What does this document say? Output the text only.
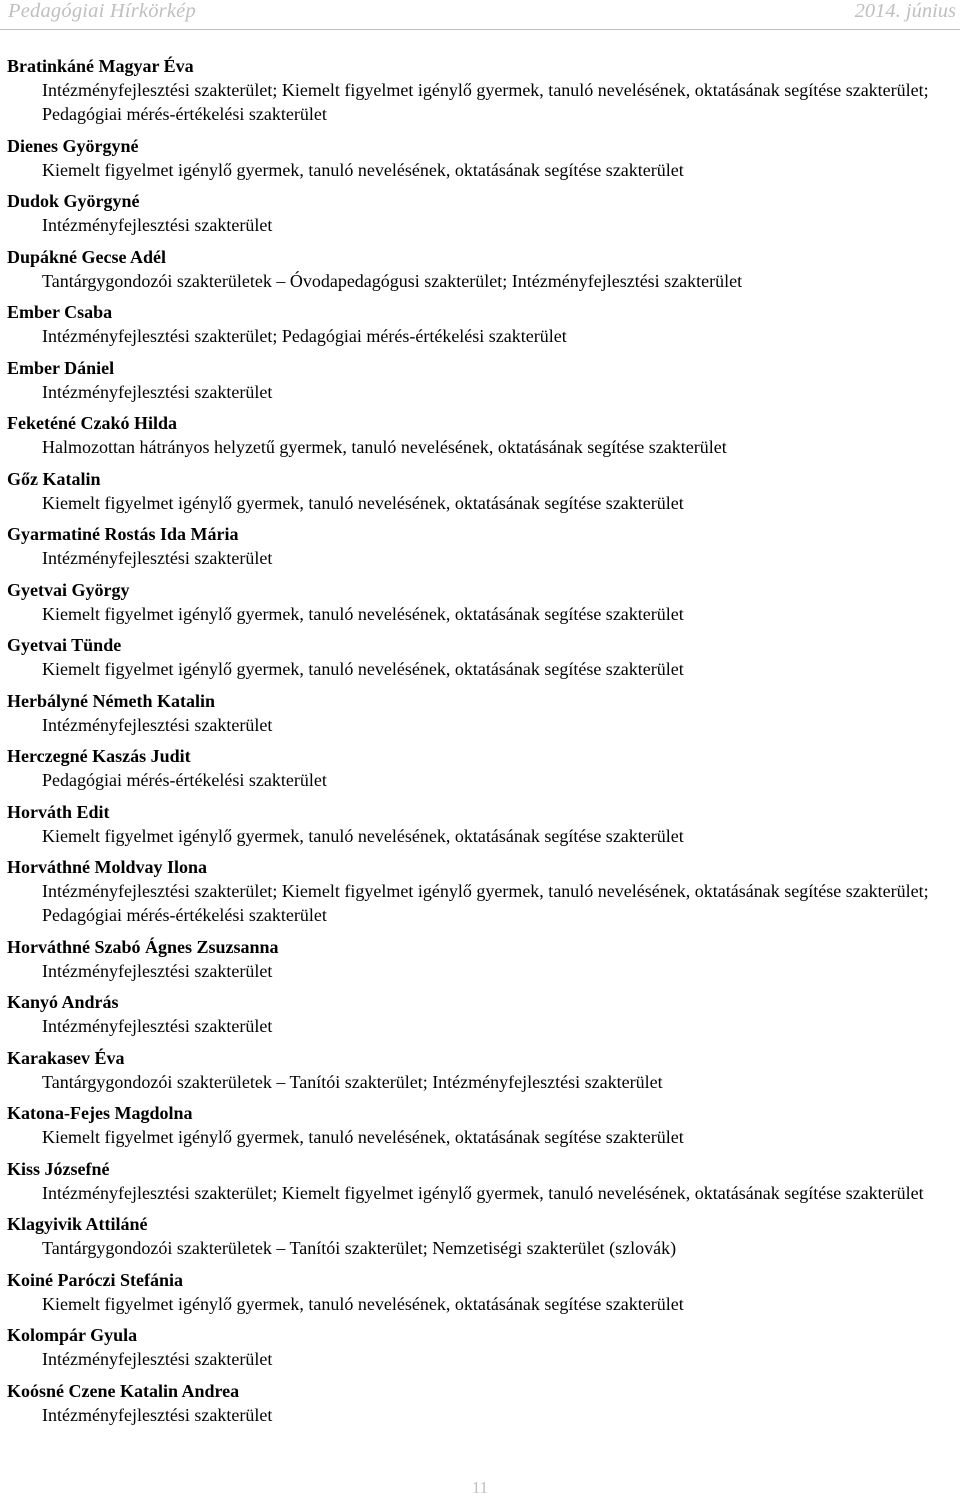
Pedagógiai Hírkörkép	2014. június
Bratinkáné Magyar Éva
Intézményfejlesztési szakterület; Kiemelt figyelmet igénylő gyermek, tanuló nevelésének, oktatásának segítése szakterület; Pedagógiai mérés-értékelési szakterület
Dienes Györgyné
Kiemelt figyelmet igénylő gyermek, tanuló nevelésének, oktatásának segítése szakterület
Dudok Györgyné
Intézményfejlesztési szakterület
Dupákné Gecse Adél
Tantárgygondozói szakterületek – Óvodapedagógusi szakterület; Intézményfejlesztési szakterület
Ember Csaba
Intézményfejlesztési szakterület; Pedagógiai mérés-értékelési szakterület
Ember Dániel
Intézményfejlesztési szakterület
Feketéné Czakó Hilda
Halmozottan hátrányos helyzetű gyermek, tanuló nevelésének, oktatásának segítése szakterület
Gőz Katalin
Kiemelt figyelmet igénylő gyermek, tanuló nevelésének, oktatásának segítése szakterület
Gyarmatiné Rostás Ida Mária
Intézményfejlesztési szakterület
Gyetvai György
Kiemelt figyelmet igénylő gyermek, tanuló nevelésének, oktatásának segítése szakterület
Gyetvai Tünde
Kiemelt figyelmet igénylő gyermek, tanuló nevelésének, oktatásának segítése szakterület
Herbályné Németh Katalin
Intézményfejlesztési szakterület
Herczegné Kaszás Judit
Pedagógiai mérés-értékelési szakterület
Horváth Edit
Kiemelt figyelmet igénylő gyermek, tanuló nevelésének, oktatásának segítése szakterület
Horváthné Moldvay Ilona
Intézményfejlesztési szakterület; Kiemelt figyelmet igénylő gyermek, tanuló nevelésének, oktatásának segítése szakterület; Pedagógiai mérés-értékelési szakterület
Horváthné Szabó Ágnes Zsuzsanna
Intézményfejlesztési szakterület
Kanyó András
Intézményfejlesztési szakterület
Karakasev Éva
Tantárgygondozói szakterületek – Tanítói szakterület; Intézményfejlesztési szakterület
Katona-Fejes Magdolna
Kiemelt figyelmet igénylő gyermek, tanuló nevelésének, oktatásának segítése szakterület
Kiss Józsefné
Intézményfejlesztési szakterület; Kiemelt figyelmet igénylő gyermek, tanuló nevelésének, oktatásának segítése szakterület
Klagyivik Attiláné
Tantárgygondozói szakterületek – Tanítói szakterület; Nemzetiségi szakterület (szlovák)
Koiné Paróczi Stefánia
Kiemelt figyelmet igénylő gyermek, tanuló nevelésének, oktatásának segítése szakterület
Kolompár Gyula
Intézményfejlesztési szakterület
Koósné Czene Katalin Andrea
Intézményfejlesztési szakterület
11
